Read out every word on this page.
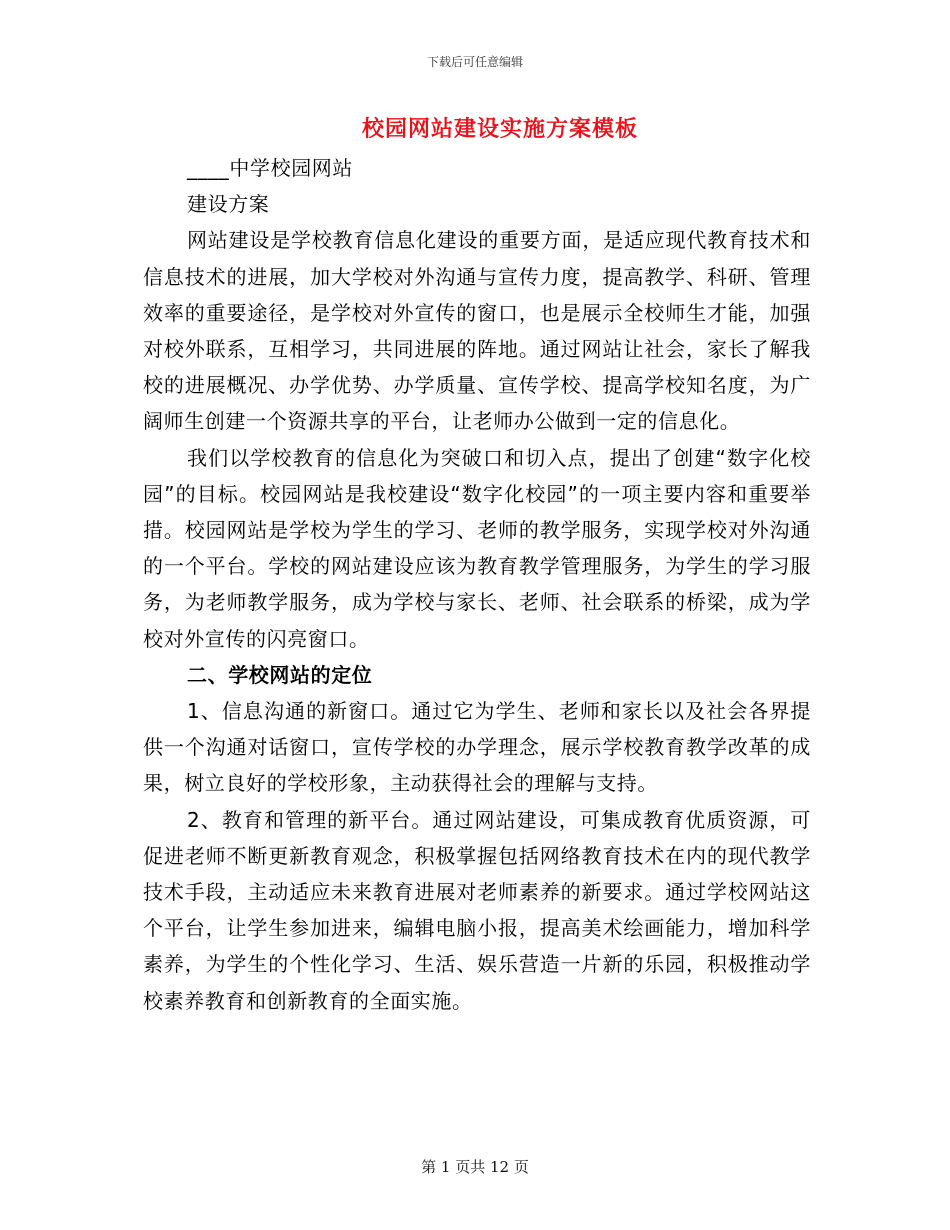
下载后可任意编辑
校园网站建设实施方案模板

____中学校园网站

建设方案

网站建设是学校教育信息化建设的重要方面，是适应现代教育技术和信息技术的进展，加大学校对外沟通与宣传力度，提高教学、科研、管理效率的重要途径，是学校对外宣传的窗口，也是展示全校师生才能，加强对校外联系，互相学习，共同进展的阵地。通过网站让社会，家长了解我校的进展概况、办学优势、办学质量、宣传学校、提高学校知名度，为广阔师生创建一个资源共享的平台，让老师办公做到一定的信息化。

我们以学校教育的信息化为突破口和切入点，提出了创建“数字化校园”的目标。校园网站是我校建设“数字化校园”的一项主要内容和重要举措。校园网站是学校为学生的学习、老师的教学服务，实现学校对外沟通的一个平台。学校的网站建设应该为教育教学管理服务，为学生的学习服务，为老师教学服务，成为学校与家长、老师、社会联系的桥梁，成为学校对外宣传的闪亮窗口。

二、学校网站的定位

1、信息沟通的新窗口。通过它为学生、老师和家长以及社会各界提供一个沟通对话窗口，宣传学校的办学理念，展示学校教育教学改革的成果，树立良好的学校形象，主动获得社会的理解与支持。

2、教育和管理的新平台。通过网站建设，可集成教育优质资源，可促进老师不断更新教育观念，积极掌握包括网络教育技术在内的现代教学技术手段，主动适应未来教育进展对老师素养的新要求。通过学校网站这个平台，让学生参加进来，编辑电脑小报，提高美术绘画能力，增加科学素养，为学生的个性化学习、生活、娱乐营造一片新的乐园，积极推动学校素养教育和创新教育的全面实施。

第 1 页共 12 页
